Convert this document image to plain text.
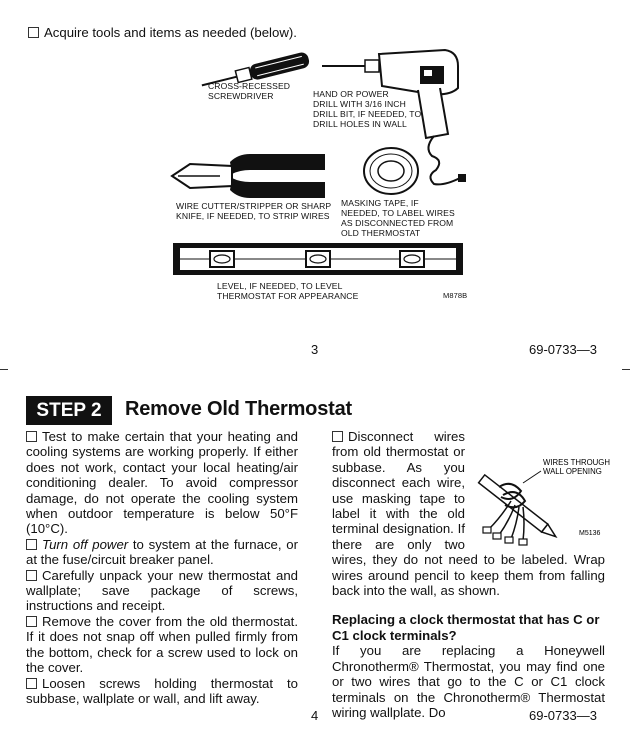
Acquire tools and items as needed (below).
CROSS-RECESSED
SCREWDRIVER	HAND OR POWER
DRILL WITH 3/16 INCH
DRILL BIT, IF NEEDED, TO
DRILL HOLES IN WALL
WIRE CUTTER/STRIPPER OR SHARP
KNIFE, IF NEEDED, TO STRIP WIRES
MASKING TAPE, IF
NEEDED, TO LABEL WIRES
AS DISCONNECTED FROM
OLD THERMOSTAT
LEVEL, IF NEEDED, TO LEVEL
THERMOSTAT FOR APPEARANCE	M878B
3	69-0733—3
STEP 2	Remove Old Thermostat
Test to make certain that your heating and cooling systems are working properly. If either does not work, contact your local heating/air conditioning dealer. To avoid compressor damage, do not operate the cooling system when outdoor temperature is below 50°F (10°C).
Turn off power to system at the furnace, or at the fuse/circuit breaker panel.
Carefully unpack your new thermostat and wallplate; save package of screws, instructions and receipt.
Remove the cover from the old thermostat. If it does not snap off when pulled firmly from the bottom, check for a screw used to lock on the cover.
Loosen screws holding thermostat to subbase, wallplate or wall, and lift away.
WIRES THROUGH
WALL OPENING
M5136
Disconnect wires from old thermostat or subbase. As you disconnect each wire, use masking tape to label it with the old terminal designation. If there are only two wires, they do not need to be labeled. Wrap wires around pencil to keep them from falling back into the wall, as shown.
Replacing a clock thermostat that has C or C1 clock terminals?
If you are replacing a Honeywell Chronotherm® Thermostat, you may find one or two wires that go to the C or C1 clock terminals on the Chronotherm® Thermostat wiring wallplate. Do
4	69-0733—3
